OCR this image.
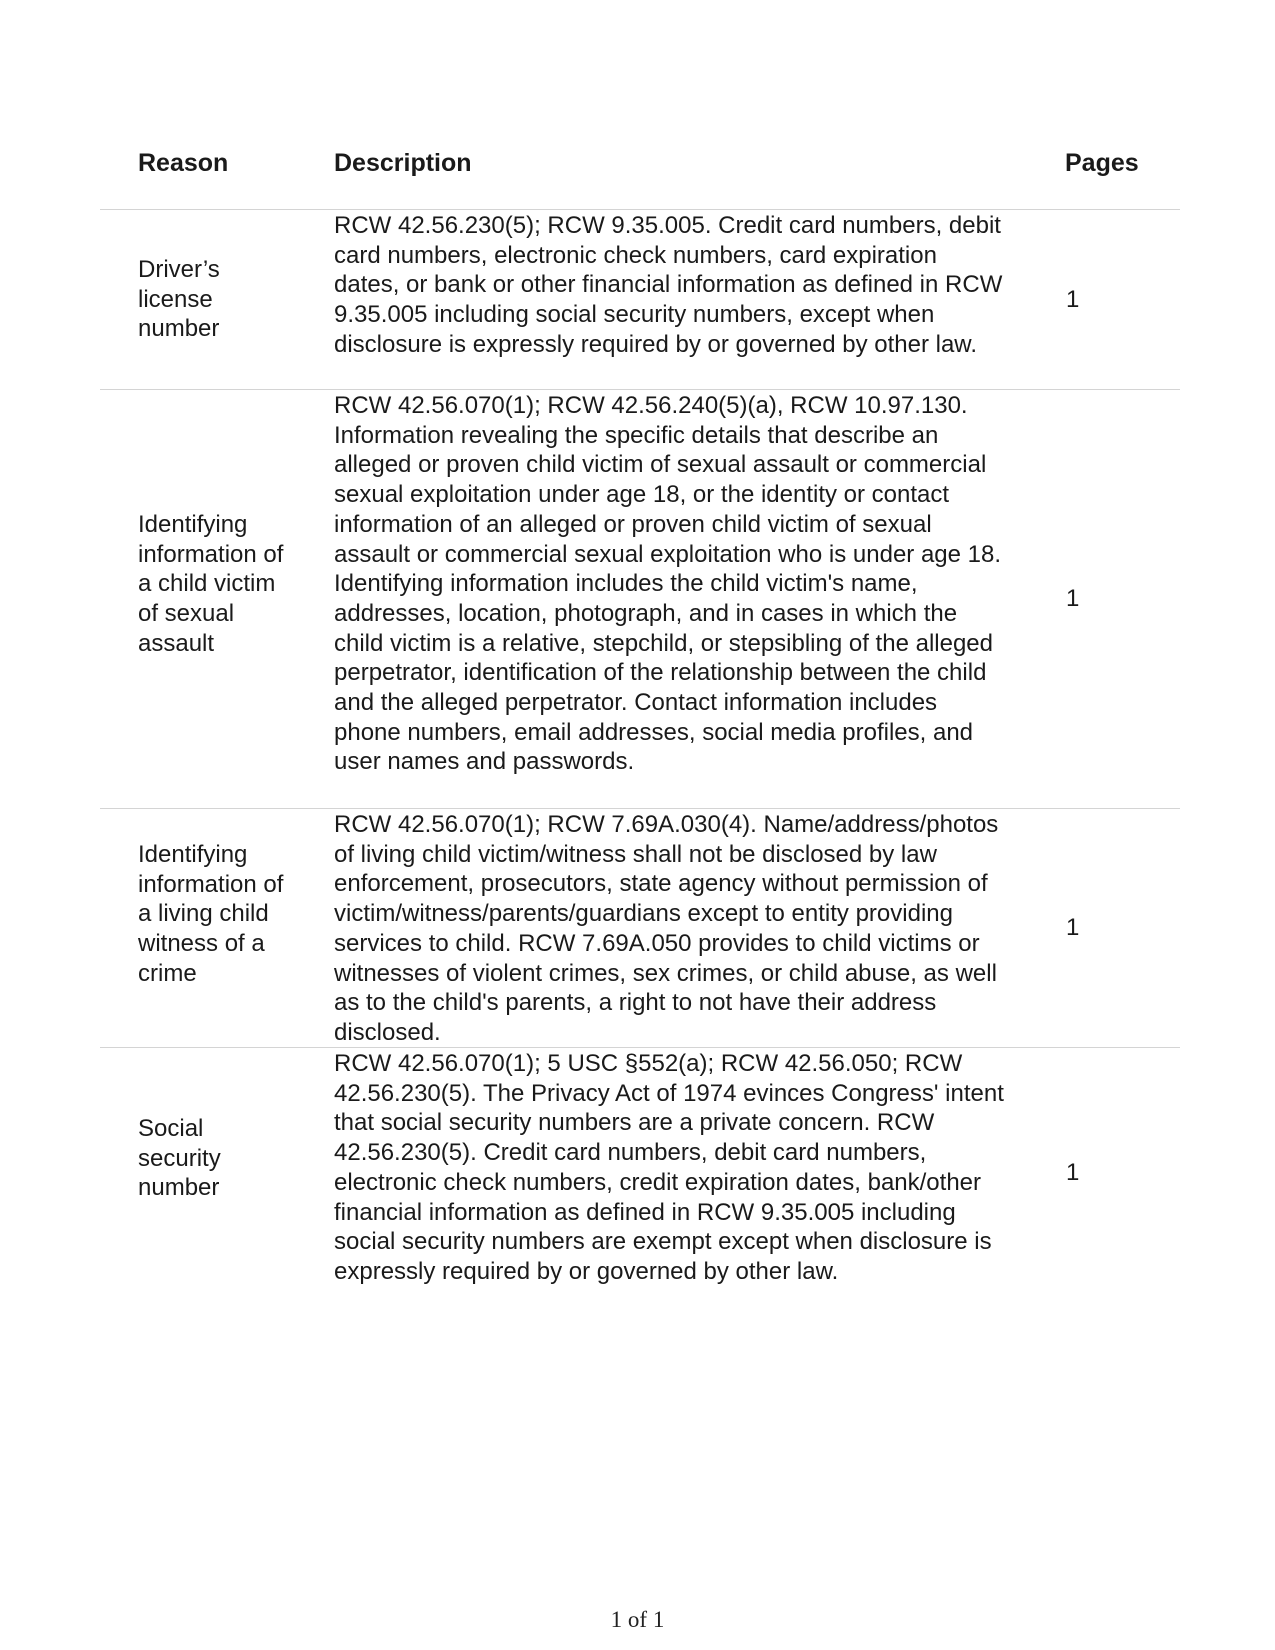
Reason	Description	Pages
Driver’s license number
RCW 42.56.230(5); RCW 9.35.005. Credit card numbers, debit card numbers, electronic check numbers, card expiration dates, or bank or other financial information as defined in RCW 9.35.005 including social security numbers, except when disclosure is expressly required by or governed by other law.
1
Identifying information of a child victim of sexual assault
RCW 42.56.070(1); RCW 42.56.240(5)(a), RCW 10.97.130. Information revealing the specific details that describe an alleged or proven child victim of sexual assault or commercial sexual exploitation under age 18, or the identity or contact information of an alleged or proven child victim of sexual assault or commercial sexual exploitation who is under age 18. Identifying information includes the child victim's name, addresses, location, photograph, and in cases in which the child victim is a relative, stepchild, or stepsibling of the alleged perpetrator, identification of the relationship between the child and the alleged perpetrator. Contact information includes phone numbers, email addresses, social media profiles, and user names and passwords.
1
Identifying information of a living child witness of a crime
RCW 42.56.070(1); RCW 7.69A.030(4). Name/address/photos of living child victim/witness shall not be disclosed by law enforcement, prosecutors, state agency without permission of victim/witness/parents/guardians except to entity providing services to child. RCW 7.69A.050 provides to child victims or witnesses of violent crimes, sex crimes, or child abuse, as well as to the child's parents, a right to not have their address disclosed.
1
Social security number
RCW 42.56.070(1); 5 USC §552(a); RCW 42.56.050; RCW 42.56.230(5). The Privacy Act of 1974 evinces Congress' intent that social security numbers are a private concern. RCW 42.56.230(5). Credit card numbers, debit card numbers, electronic check numbers, credit expiration dates, bank/other financial information as defined in RCW 9.35.005 including social security numbers are exempt except when disclosure is expressly required by or governed by other law.
1
1 of 1
